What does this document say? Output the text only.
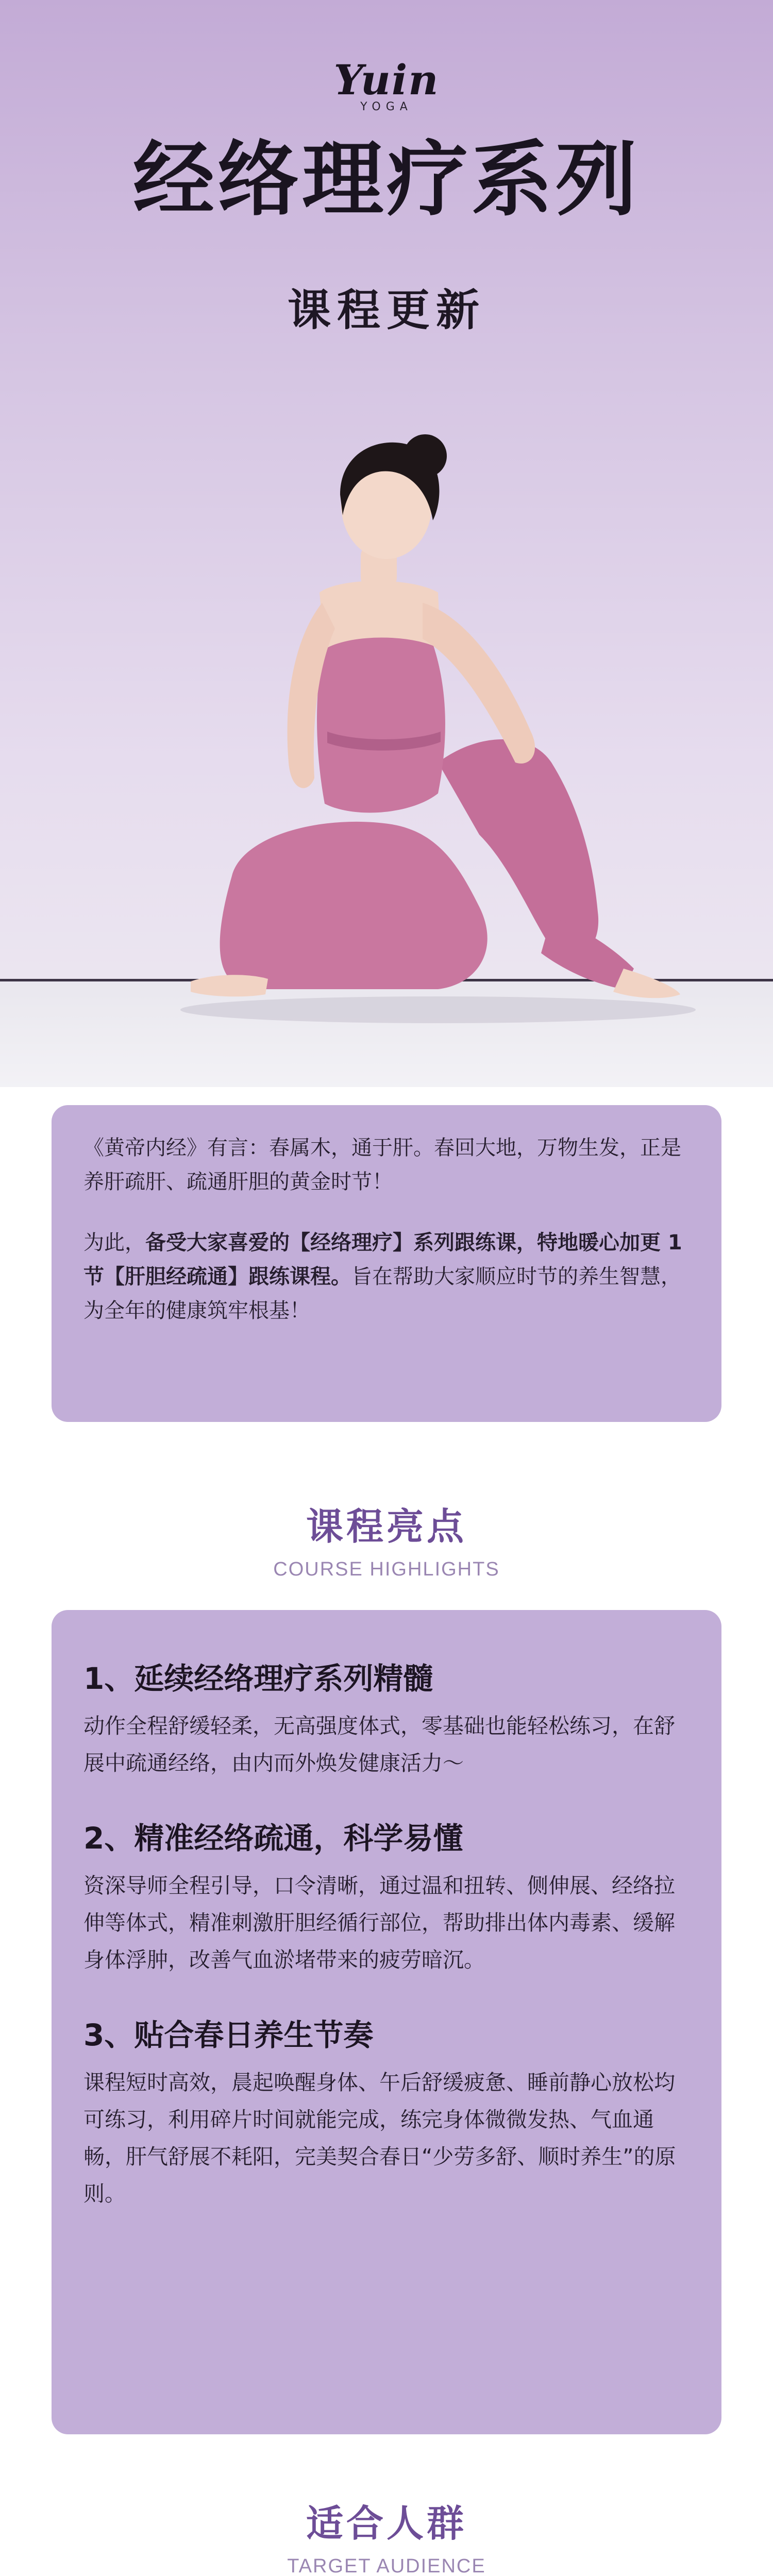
Yuin
YOGA
经络理疗系列
课程更新

《黄帝内经》有言：春属木，通于肝。春回大地，万物生发，正是养肝疏肝、疏通肝胆的黄金时节！

为此，备受大家喜爱的【经络理疗】系列跟练课，特地暖心加更 1 节【肝胆经疏通】跟练课程。旨在帮助大家顺应时节的养生智慧，为全年的健康筑牢根基！

课程亮点
COURSE HIGHLIGHTS
1、延续经络理疗系列精髓

动作全程舒缓轻柔，无高强度体式，零基础也能轻松练习，在舒展中疏通经络，由内而外焕发健康活力～

2、精准经络疏通，科学易懂

资深导师全程引导，口令清晰，通过温和扭转、侧伸展、经络拉伸等体式，精准刺激肝胆经循行部位，帮助排出体内毒素、缓解身体浮肿，改善气血淤堵带来的疲劳暗沉。

3、贴合春日养生节奏

课程短时高效，晨起唤醒身体、午后舒缓疲惫、睡前静心放松均可练习，利用碎片时间就能完成，练完身体微微发热、气血通畅，肝气舒展不耗阳，完美契合春日“少劳多舒、顺时养生”的原则。

适合人群
TARGET AUDIENCE
